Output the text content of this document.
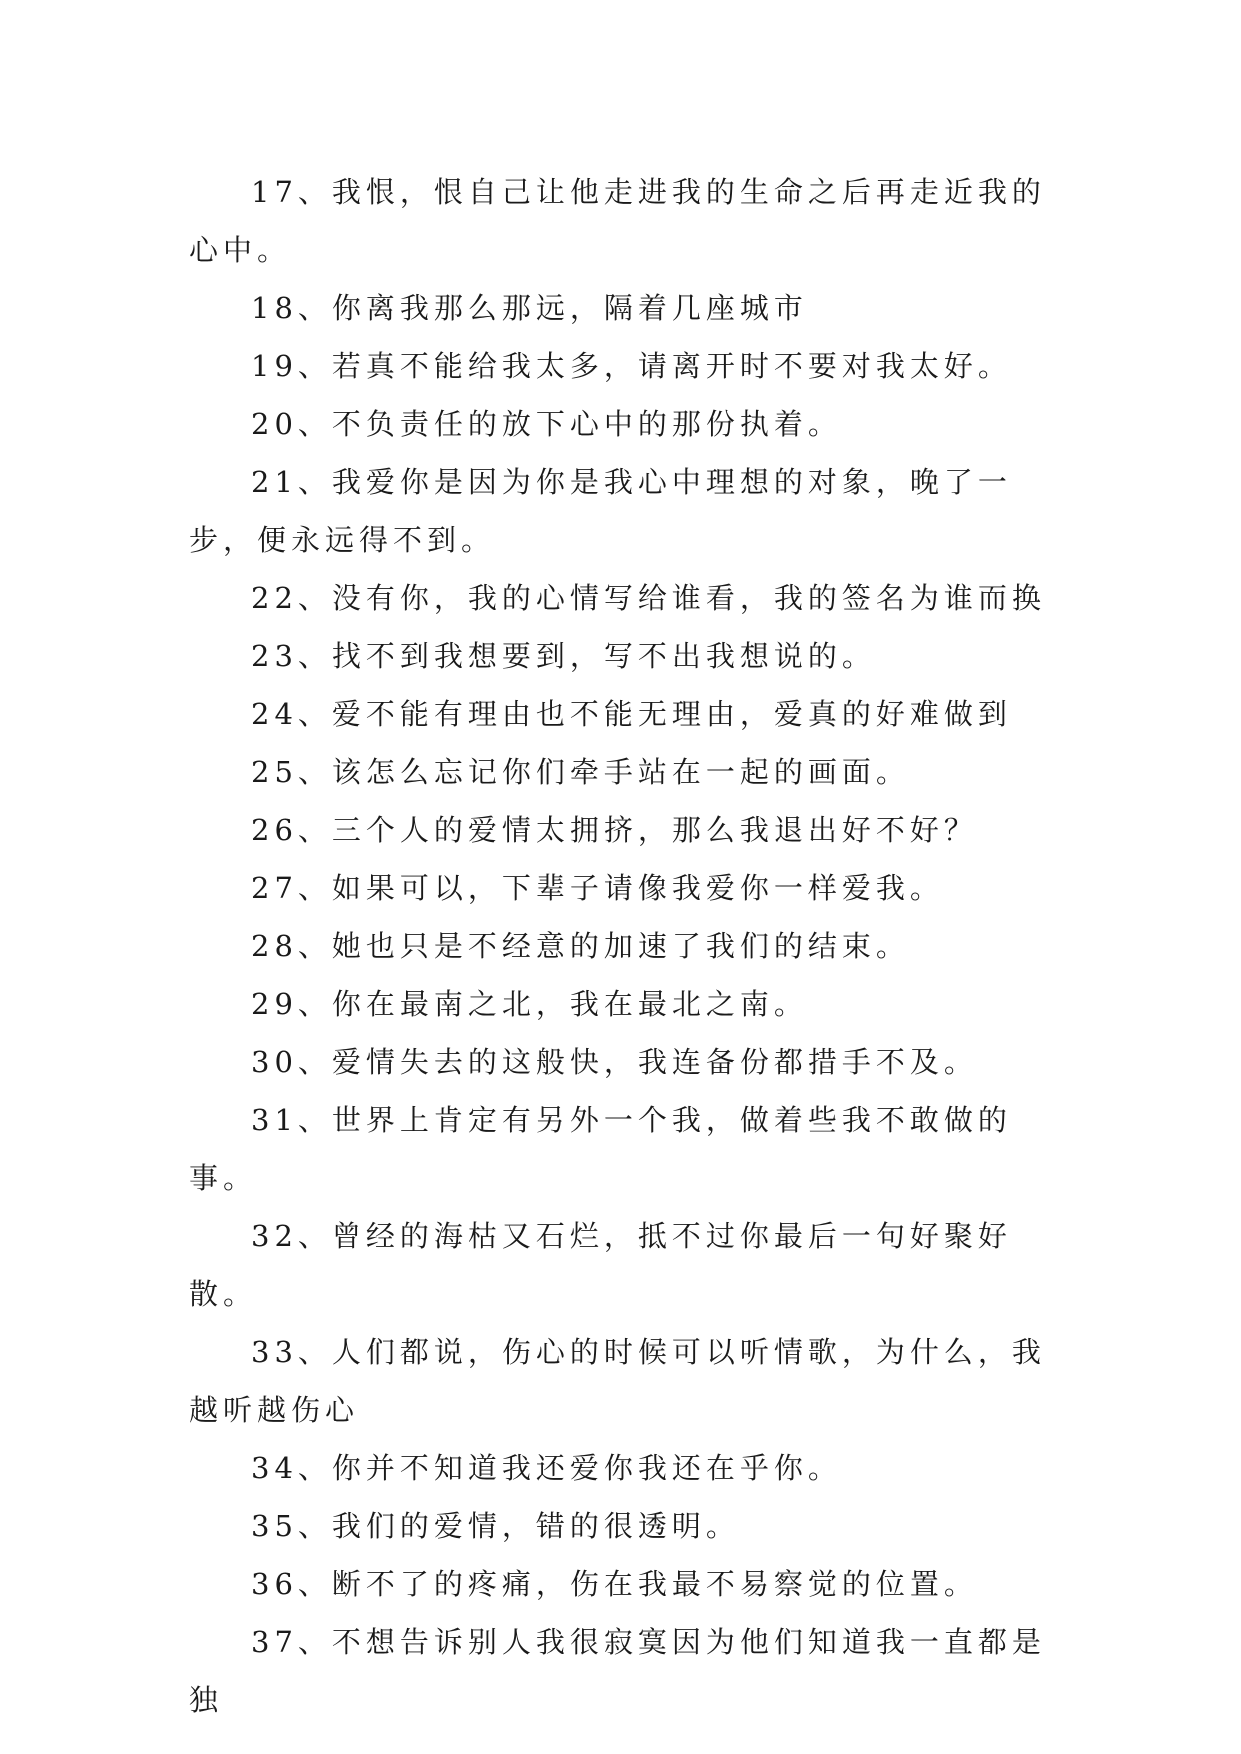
17、我恨，恨自己让他走进我的生命之后再走近我的心中。

18、你离我那么那远，隔着几座城市

19、若真不能给我太多，请离开时不要对我太好。

20、不负责任的放下心中的那份执着。

21、我爱你是因为你是我心中理想的对象，晚了一步，便永远得不到。

22、没有你，我的心情写给谁看，我的签名为谁而换

23、找不到我想要到，写不出我想说的。

24、爱不能有理由也不能无理由，爱真的好难做到

25、该怎么忘记你们牵手站在一起的画面。

26、三个人的爱情太拥挤，那么我退出好不好？

27、如果可以，下辈子请像我爱你一样爱我。

28、她也只是不经意的加速了我们的结束。

29、你在最南之北，我在最北之南。

30、爱情失去的这般快，我连备份都措手不及。

31、世界上肯定有另外一个我，做着些我不敢做的事。

32、曾经的海枯又石烂，抵不过你最后一句好聚好散。

33、人们都说，伤心的时候可以听情歌，为什么，我越听越伤心

34、你并不知道我还爱你我还在乎你。

35、我们的爱情，错的很透明。

36、断不了的疼痛，伤在我最不易察觉的位置。

37、不想告诉别人我很寂寞因为他们知道我一直都是独
